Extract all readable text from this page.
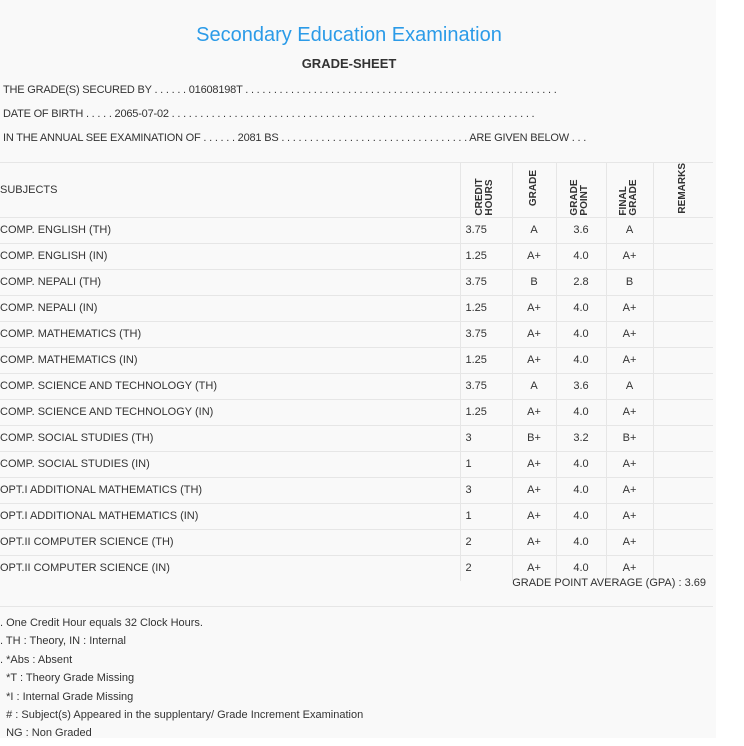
Secondary Education Examination
GRADE-SHEET
THE GRADE(S) SECURED BY . . . . . . 01608198T . . . . . . . . . . . . . . . . . . . . . . . . . . . . . . . . . . . . . . . . . . . . . . . . . . . . . . .
DATE OF BIRTH . . . . . 2065-07-02 . . . . . . . . . . . . . . . . . . . . . . . . . . . . . . . . . . . . . . . . . . . . . . . . . . . . . . . . . . . . . . . .
IN THE ANNUAL SEE EXAMINATION OF . . . . . . 2081 BS . . . . . . . . . . . . . . . . . . . . . . . . . . . . . . . . . ARE GIVEN BELOW . . .
SUBJECTS	CREDIT HOURS	GRADE	GRADE POINT	FINAL GRADE	REMARKS
COMP. ENGLISH (TH)	3.75	A	3.6	A	
COMP. ENGLISH (IN)	1.25	A+	4.0	A+	
COMP. NEPALI (TH)	3.75	B	2.8	B	
COMP. NEPALI (IN)	1.25	A+	4.0	A+	
COMP. MATHEMATICS (TH)	3.75	A+	4.0	A+	
COMP. MATHEMATICS (IN)	1.25	A+	4.0	A+	
COMP. SCIENCE AND TECHNOLOGY (TH)	3.75	A	3.6	A	
COMP. SCIENCE AND TECHNOLOGY (IN)	1.25	A+	4.0	A+	
COMP. SOCIAL STUDIES (TH)	3	B+	3.2	B+	
COMP. SOCIAL STUDIES (IN)	1	A+	4.0	A+	
OPT.I ADDITIONAL MATHEMATICS (TH)	3	A+	4.0	A+	
OPT.I ADDITIONAL MATHEMATICS (IN)	1	A+	4.0	A+	
OPT.II COMPUTER SCIENCE (TH)	2	A+	4.0	A+	
OPT.II COMPUTER SCIENCE (IN)	2	A+	4.0	A+	
GRADE POINT AVERAGE (GPA) : 3.69
. One Credit Hour equals 32 Clock Hours.
. TH : Theory, IN : Internal
. *Abs : Absent
*T : Theory Grade Missing
*I : Internal Grade Missing
# : Subject(s) Appeared in the supplentary/ Grade Increment Examination
NG : Non Graded
